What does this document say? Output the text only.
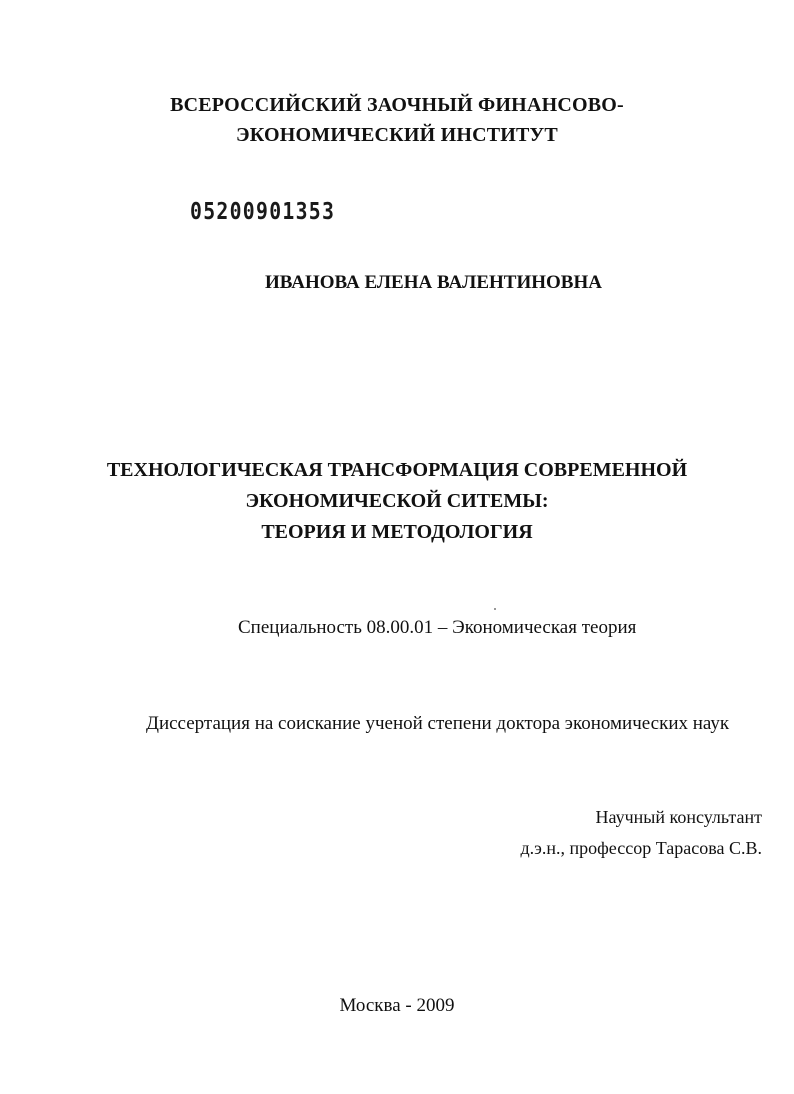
ВСЕРОССИЙСКИЙ ЗАОЧНЫЙ ФИНАНСОВО-
ЭКОНОМИЧЕСКИЙ ИНСТИТУТ
05200901353
ИВАНОВА ЕЛЕНА ВАЛЕНТИНОВНА
ТЕХНОЛОГИЧЕСКАЯ ТРАНСФОРМАЦИЯ СОВРЕМЕННОЙ
ЭКОНОМИЧЕСКОЙ СИТЕМЫ:
ТЕОРИЯ И МЕТОДОЛОГИЯ
Специальность 08.00.01 – Экономическая теория
Диссертация на соискание ученой степени доктора экономических наук
Научный консультант
д.э.н., профессор Тарасова С.В.
Москва - 2009
